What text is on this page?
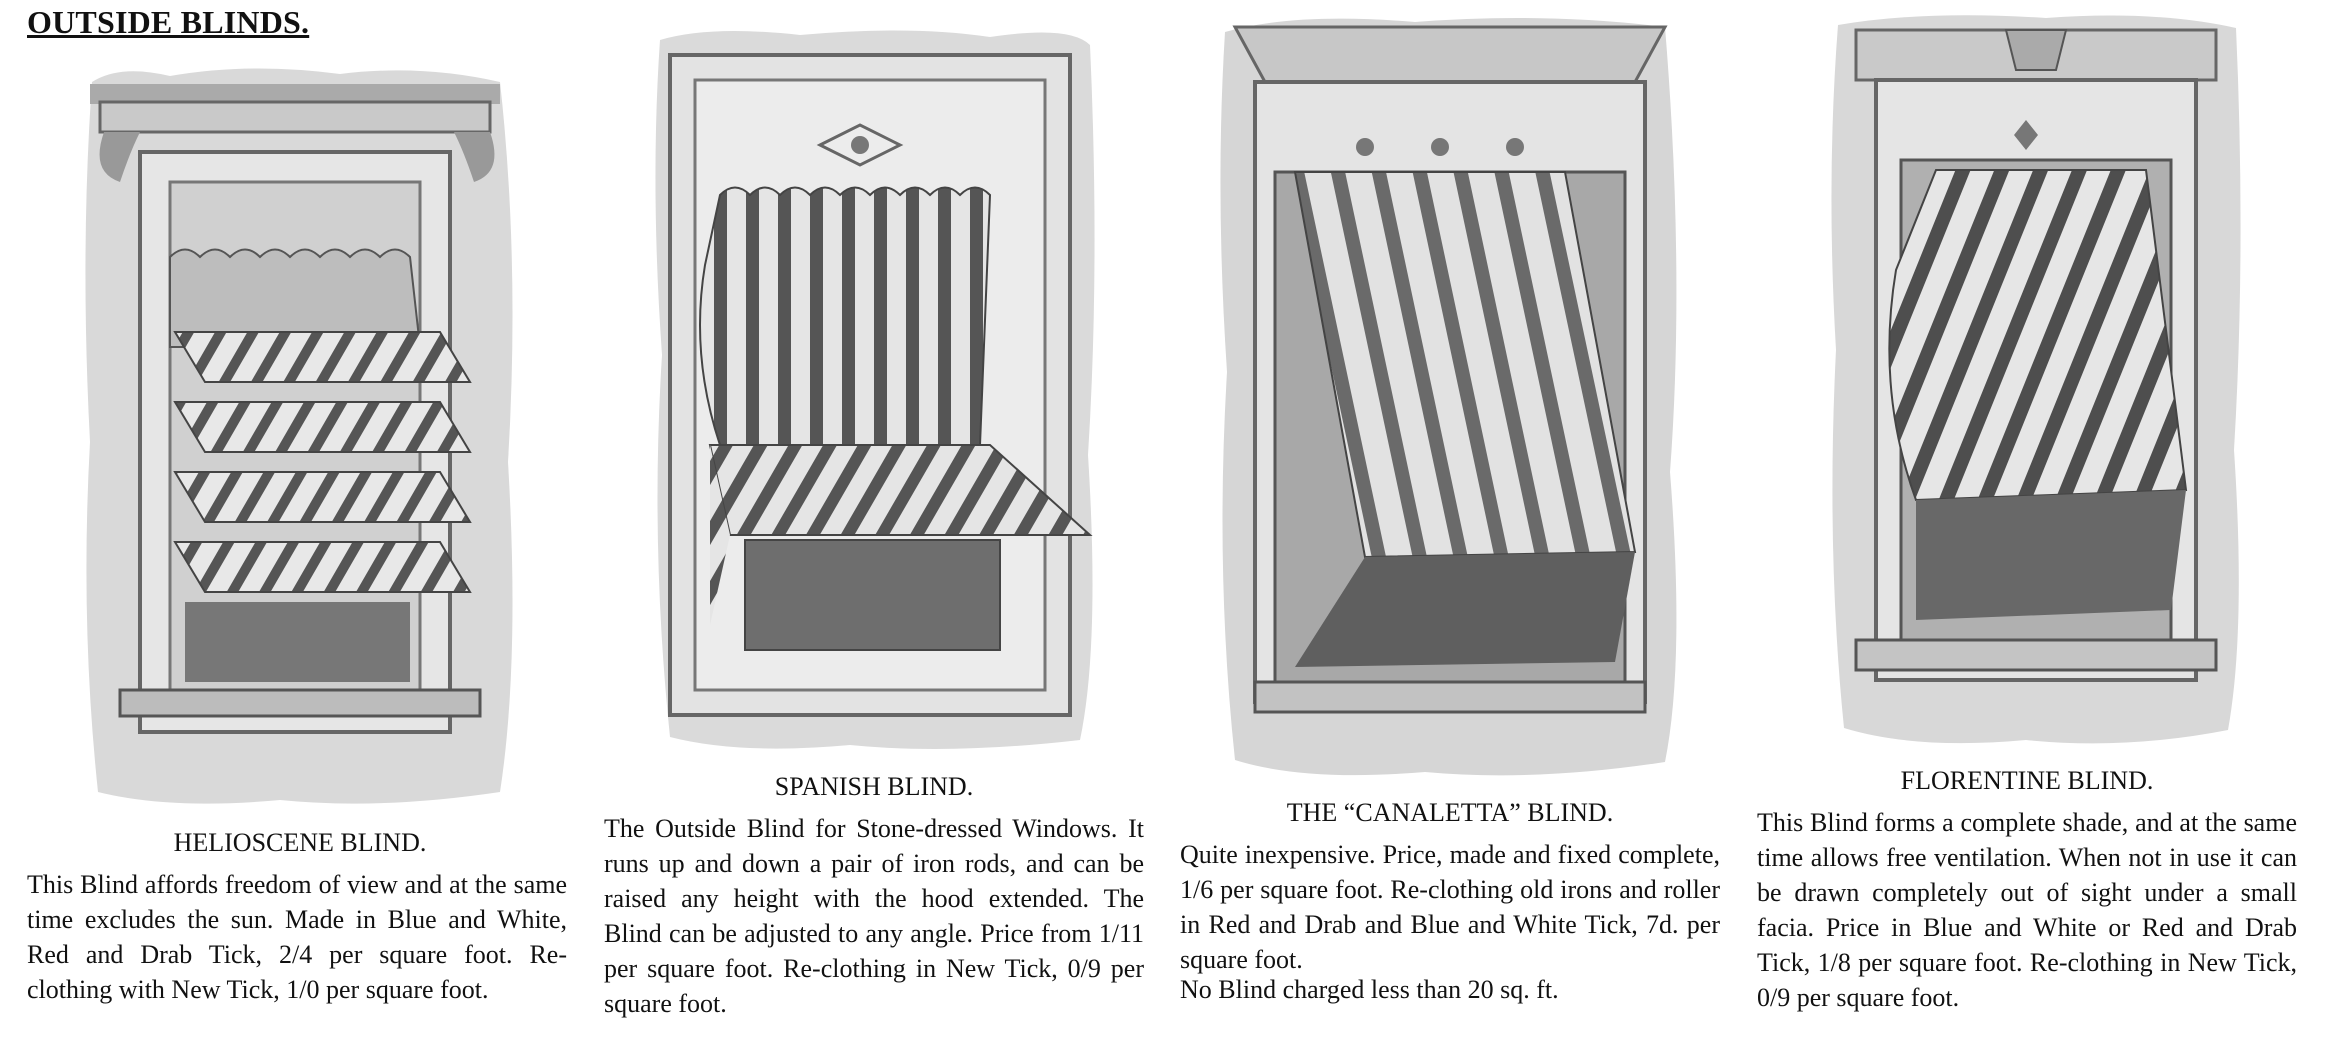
OUTSIDE BLINDS.
HELIOSCENE BLIND.
This Blind affords freedom of view and at the same time excludes the sun. Made in Blue and White, Red and Drab Tick, 2/4 per square foot. Re-clothing with New Tick, 1/0 per square foot.
SPANISH BLIND.
The Outside Blind for Stone-dressed Windows. It runs up and down a pair of iron rods, and can be raised any height with the hood extended. The Blind can be adjusted to any angle. Price from 1/11 per square foot. Re-clothing in New Tick, 0/9 per square foot.
THE “CANALETTA” BLIND.
Quite inexpensive. Price, made and fixed complete, 1/6 per square foot. Re-clothing old irons and roller in Red and Drab and Blue and White Tick, 7d. per square foot.
No Blind charged less than 20 sq. ft.
FLORENTINE BLIND.
This Blind forms a complete shade, and at the same time allows free ventilation. When not in use it can be drawn completely out of sight under a small facia. Price in Blue and White or Red and Drab Tick, 1/8 per square foot. Re-clothing in New Tick, 0/9 per square foot.
